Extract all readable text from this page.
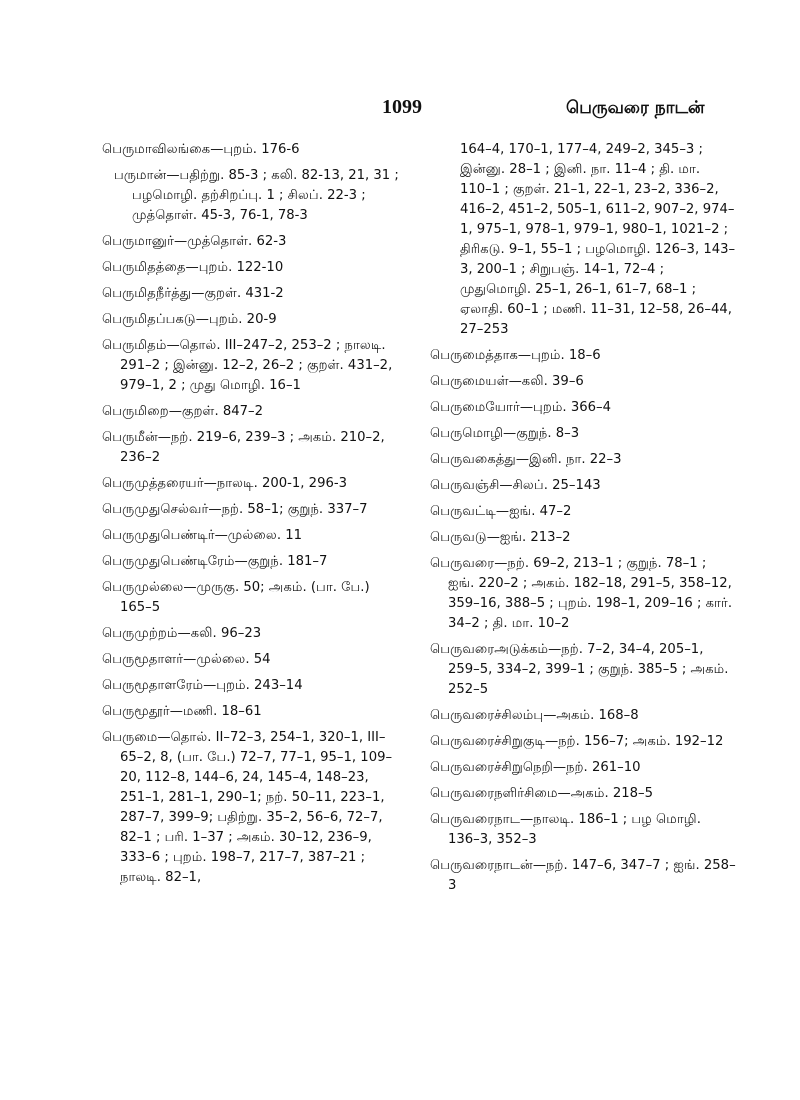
1099	பெருவரை நாடன்
பெருமாவிலங்கை—புறம். 176-6
பருமான்—பதிற்று. 85-3 ; கலி. 82-13, 21, 31 ; பழமொழி. தற்சிறப்பு. 1 ; சிலப். 22-3 ; முத்தொள். 45-3, 76-1, 78-3
பெருமானுர்—முத்தொள். 62-3
பெருமிதத்தை—புறம். 122-10
பெருமிதநீர்த்து—குறள். 431-2
பெருமிதப்பகடு—புறம். 20-9
பெருமிதம்—தொல். III–247–2, 253–2 ; நாலடி. 291–2 ; இன்னு. 12–2, 26–2 ; குறள். 431–2, 979–1, 2 ; முது மொழி. 16–1
பெருமிறை—குறள். 847–2
பெருமீன்—நற். 219–6, 239–3 ; அகம். 210–2, 236–2
பெருமுத்தரையர்—நாலடி. 200-1, 296-3
பெருமுதுசெல்வர்—நற். 58–1; குறுந். 337–7
பெருமுதுபெண்டிர்—முல்லை. 11
பெருமுதுபெண்டிரேம்—குறுந். 181–7
பெருமுல்லை—முருகு. 50; அகம். (பா. பே.) 165–5
பெருமுற்றம்—கலி. 96–23
பெருமூதாளர்—முல்லை. 54
பெருமூதாளரேம்—புறம். 243–14
பெருமூதூர்—மணி. 18–61
பெருமை—தொல். II–72–3, 254–1, 320–1, III–65–2, 8, (பா. பே.) 72–7, 77–1, 95–1, 109–20, 112–8, 144–6, 24, 145–4, 148–23, 251–1, 281–1, 290–1; நற். 50–11, 223–1, 287–7, 399–9; பதிற்று. 35–2, 56–6, 72–7, 82–1 ; பரி. 1–37 ; அகம். 30–12, 236–9, 333–6 ; புறம். 198–7, 217–7, 387–21 ; நாலடி. 82–1,
164–4, 170–1, 177–4, 249–2, 345–3 ; இன்னு. 28–1 ; இனி. நா. 11–4 ; தி. மா. 110–1 ; குறள். 21–1, 22–1, 23–2, 336–2, 416–2, 451–2, 505–1, 611–2, 907–2, 974–1, 975–1, 978–1, 979–1, 980–1, 1021–2 ; திரிகடு. 9–1, 55–1 ; பழமொழி. 126–3, 143–3, 200–1 ; சிறுபஞ். 14–1, 72–4 ; முதுமொழி. 25–1, 26–1, 61–7, 68–1 ; ஏலாதி. 60–1 ; மணி. 11–31, 12–58, 26–44, 27–253
பெருமைத்தாக—புறம். 18–6
பெருமையள்—கலி. 39–6
பெருமையோர்—புறம். 366–4
பெருமொழி—குறுந். 8–3
பெருவகைத்து—இனி. நா. 22–3
பெருவஞ்சி—சிலப். 25–143
பெருவட்டி—ஐங். 47–2
பெருவடு—ஐங். 213–2
பெருவரை—நற். 69–2, 213–1 ; குறுந். 78–1 ; ஐங். 220–2 ; அகம். 182–18, 291–5, 358–12, 359–16, 388–5 ; புறம். 198–1, 209–16 ; கார். 34–2 ; தி. மா. 10–2
பெருவரைஅடுக்கம்—நற். 7–2, 34–4, 205–1, 259–5, 334–2, 399–1 ; குறுந். 385–5 ; அகம். 252–5
பெருவரைச்சிலம்பு—அகம். 168–8
பெருவரைச்சிறுகுடி—நற். 156–7; அகம். 192–12
பெருவரைச்சிறுநெறி—நற். 261–10
பெருவரைநளிர்சிமை—அகம். 218–5
பெருவரைநாட—நாலடி. 186–1 ; பழ மொழி. 136–3, 352–3
பெருவரைநாடன்—நற். 147–6, 347–7 ; ஐங். 258–3
